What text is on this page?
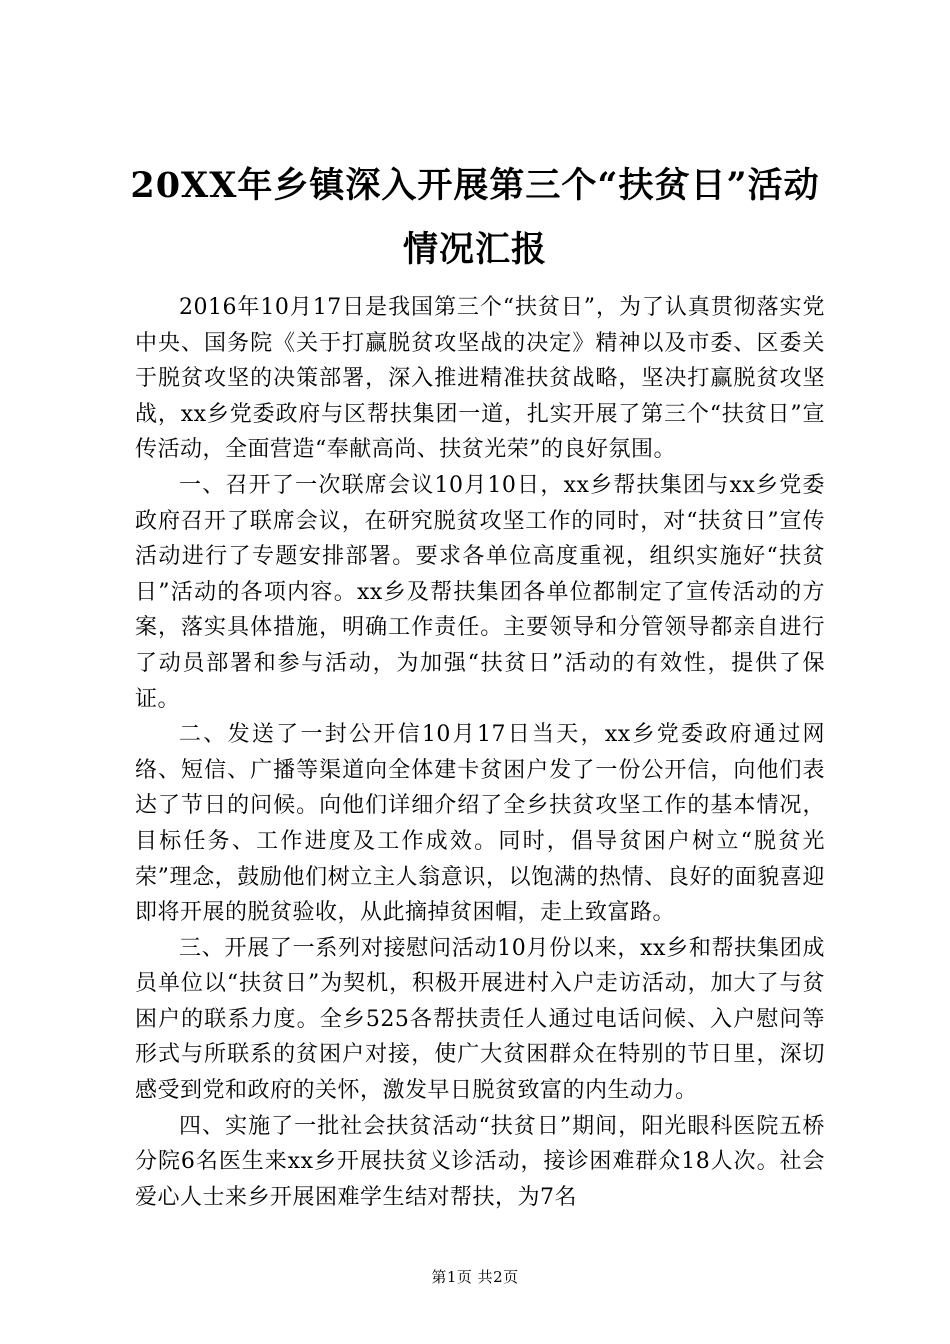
20XX年乡镇深入开展第三个“扶贫日”活动
情况汇报

2016年10月17日是我国第三个“扶贫日”，为了认真贯彻落实党中央、国务院《关于打赢脱贫攻坚战的决定》精神以及市委、区委关于脱贫攻坚的决策部署，深入推进精准扶贫战略，坚决打赢脱贫攻坚战，xx乡党委政府与区帮扶集团一道，扎实开展了第三个“扶贫日”宣传活动，全面营造“奉献高尚、扶贫光荣”的良好氛围。

一、召开了一次联席会议10月10日，xx乡帮扶集团与xx乡党委政府召开了联席会议，在研究脱贫攻坚工作的同时，对“扶贫日”宣传活动进行了专题安排部署。要求各单位高度重视，组织实施好“扶贫日”活动的各项内容。xx乡及帮扶集团各单位都制定了宣传活动的方案，落实具体措施，明确工作责任。主要领导和分管领导都亲自进行了动员部署和参与活动，为加强“扶贫日”活动的有效性，提供了保证。

二、发送了一封公开信10月17日当天，xx乡党委政府通过网络、短信、广播等渠道向全体建卡贫困户发了一份公开信，向他们表达了节日的问候。向他们详细介绍了全乡扶贫攻坚工作的基本情况，目标任务、工作进度及工作成效。同时，倡导贫困户树立“脱贫光荣”理念，鼓励他们树立主人翁意识，以饱满的热情、良好的面貌喜迎即将开展的脱贫验收，从此摘掉贫困帽，走上致富路。

三、开展了一系列对接慰问活动10月份以来，xx乡和帮扶集团成员单位以“扶贫日”为契机，积极开展进村入户走访活动，加大了与贫困户的联系力度。全乡525各帮扶责任人通过电话问候、入户慰问等形式与所联系的贫困户对接，使广大贫困群众在特别的节日里，深切感受到党和政府的关怀，激发早日脱贫致富的内生动力。

四、实施了一批社会扶贫活动“扶贫日”期间，阳光眼科医院五桥分院6名医生来xx乡开展扶贫义诊活动，接诊困难群众18人次。社会爱心人士来乡开展困难学生结对帮扶，为7名

第1页 共2页
